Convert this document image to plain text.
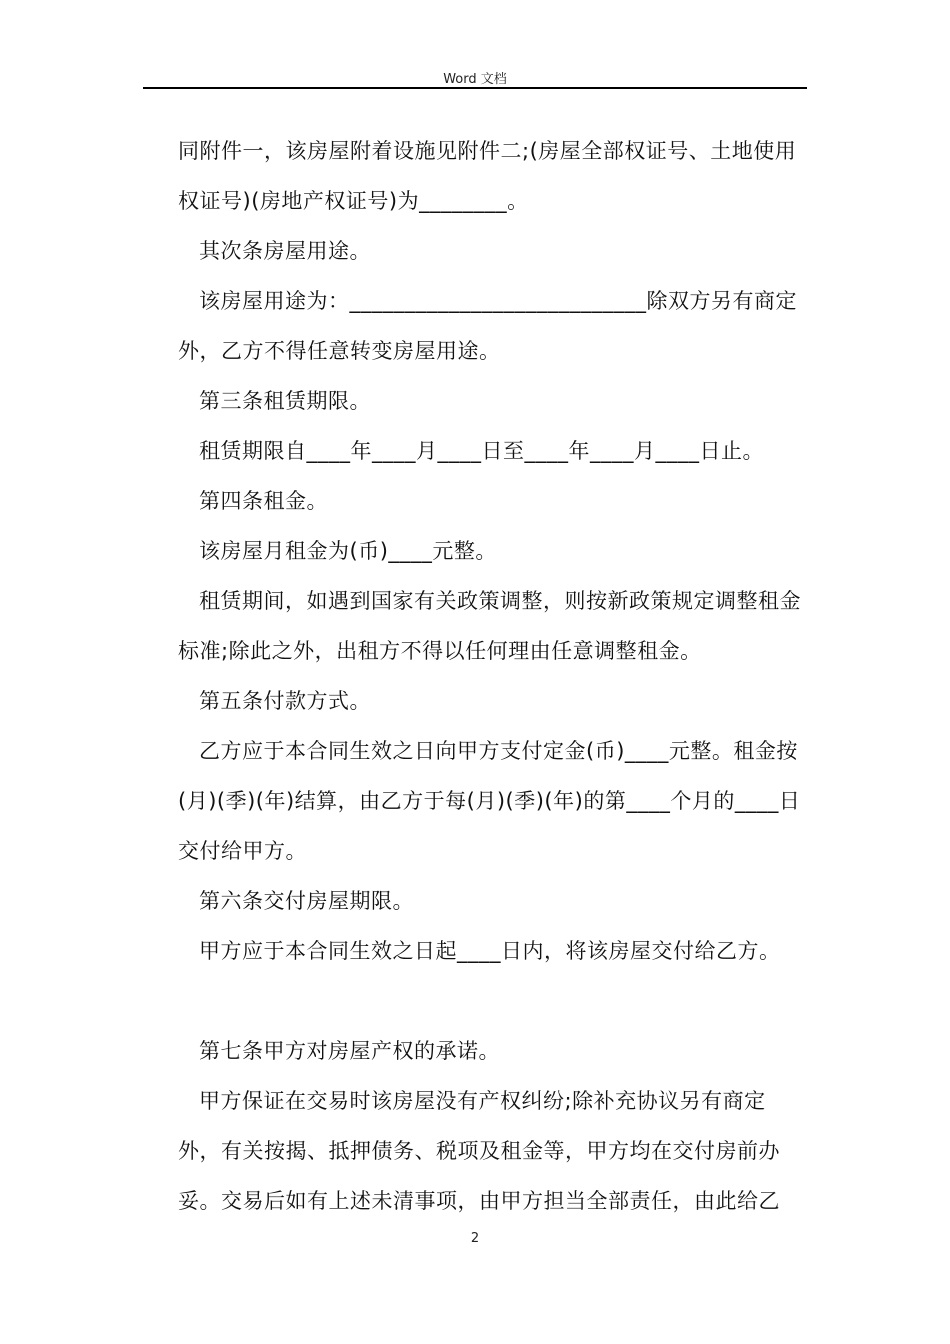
Word 文档

同附件一，该房屋附着设施见附件二;(房屋全部权证号、土地使用权证号)(房地产权证号)为________。

其次条房屋用途。

该房屋用途为：___________________________除双方另有商定外，乙方不得任意转变房屋用途。

第三条租赁期限。

租赁期限自____年____月____日至____年____月____日止。

第四条租金。

该房屋月租金为(币)____元整。

租赁期间，如遇到国家有关政策调整，则按新政策规定调整租金标准;除此之外，出租方不得以任何理由任意调整租金。

第五条付款方式。

乙方应于本合同生效之日向甲方支付定金(币)____元整。租金按(月)(季)(年)结算，由乙方于每(月)(季)(年)的第____个月的____日交付给甲方。

第六条交付房屋期限。

甲方应于本合同生效之日起____日内，将该房屋交付给乙方。

第七条甲方对房屋产权的承诺。

甲方保证在交易时该房屋没有产权纠纷;除补充协议另有商定外，有关按揭、抵押债务、税项及租金等，甲方均在交付房前办妥。交易后如有上述未清事项，由甲方担当全部责任，由此给乙

2
